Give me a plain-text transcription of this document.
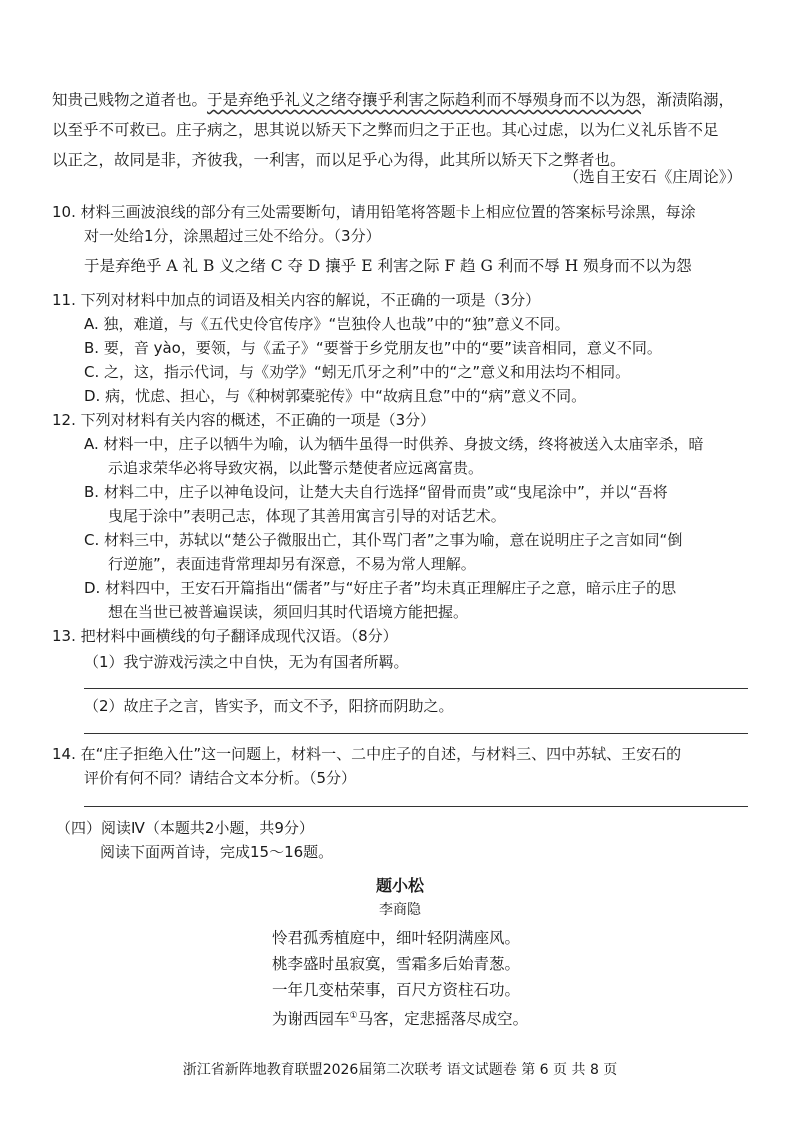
知贵己贱物之道者也。于是弃绝乎礼义之绪夺攘乎利害之际趋利而不辱殒身而不以为怨，渐渍陷溺，
以至乎不可救已。庄子病之，思其说以矫天下之弊而归之于正也。其心过虑，以为仁义礼乐皆不足
以正之，故同是非，齐彼我，一利害，而以足乎心为得，此其所以矫天下之弊者也。
（选自王安石《庄周论》）
10. 材料三画波浪线的部分有三处需要断句，请用铅笔将答题卡上相应位置的答案标号涂黑，每涂
对一处给1分，涂黑超过三处不给分。（3分）
于是弃绝乎 A 礼 B 义之绪 C 夺 D 攘乎 E 利害之际 F 趋 G 利而不辱 H 殒身而不以为怨
11. 下列对材料中加点的词语及相关内容的解说，不正确的一项是（3分）
A. 独，难道，与《五代史伶官传序》“岂独伶人也哉”中的“独”意义不同。
B. 要，音 yào，要领，与《孟子》“要誉于乡党朋友也”中的“要”读音相同，意义不同。
C. 之，这，指示代词，与《劝学》“蚓无爪牙之利”中的“之”意义和用法均不相同。
D. 病，忧虑、担心，与《种树郭橐驼传》中“故病且怠”中的“病”意义不同。
12. 下列对材料有关内容的概述，不正确的一项是（3分）
A. 材料一中，庄子以牺牛为喻，认为牺牛虽得一时供养、身披文绣，终将被送入太庙宰杀，暗
示追求荣华必将导致灾祸，以此警示楚使者应远离富贵。
B. 材料二中，庄子以神龟设问，让楚大夫自行选择“留骨而贵”或“曳尾涂中”，并以“吾将
曳尾于涂中”表明己志，体现了其善用寓言引导的对话艺术。
C. 材料三中，苏轼以“楚公子微服出亡，其仆骂门者”之事为喻，意在说明庄子之言如同“倒
行逆施”，表面违背常理却另有深意，不易为常人理解。
D. 材料四中，王安石开篇指出“儒者”与“好庄子者”均未真正理解庄子之意，暗示庄子的思
想在当世已被普遍误读，须回归其时代语境方能把握。
13. 把材料中画横线的句子翻译成现代汉语。（8分）
（1）我宁游戏污渎之中自快，无为有国者所羁。
（2）故庄子之言，皆实予，而文不予，阳挤而阴助之。
14. 在“庄子拒绝入仕”这一问题上，材料一、二中庄子的自述，与材料三、四中苏轼、王安石的
评价有何不同？请结合文本分析。（5分）
（四）阅读Ⅳ（本题共2小题，共9分）
阅读下面两首诗，完成15～16题。
题小松
李商隐
怜君孤秀植庭中，细叶轻阴满座风。
桃李盛时虽寂寞，雪霜多后始青葱。
一年几变枯荣事，百尺方资柱石功。
为谢西园车①马客，定悲摇落尽成空。
浙江省新阵地教育联盟2026届第二次联考 语文试题卷 第 6 页 共 8 页
